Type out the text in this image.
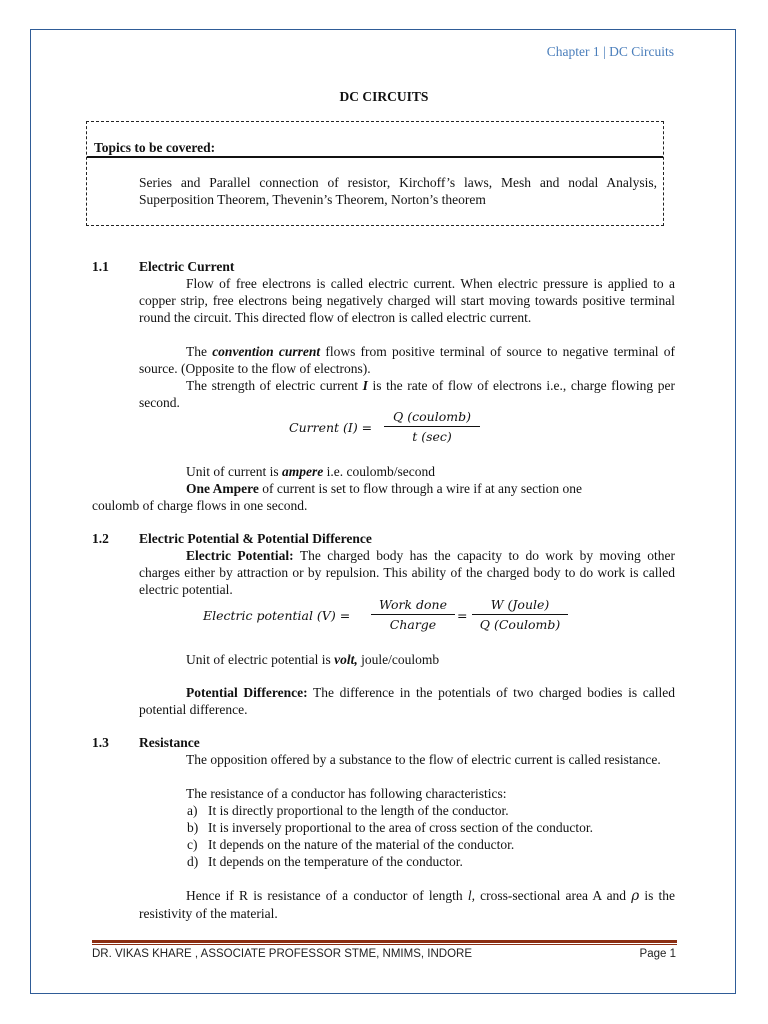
Chapter 1 | DC Circuits
DC CIRCUITS
Topics to be covered:
Series and Parallel connection of resistor, Kirchoff’s laws, Mesh and nodal Analysis, Superposition Theorem, Thevenin’s Theorem, Norton’s theorem
1.1 Electric Current
Flow of free electrons is called electric current. When electric pressure is applied to a copper strip, free electrons being negatively charged will start moving towards positive terminal round the circuit. This directed flow of electron is called electric current.
The convention current flows from positive terminal of source to negative terminal of source. (Opposite to the flow of electrons).
The strength of electric current I is the rate of flow of electrons i.e., charge flowing per second.
Current (I) =
Q (coulomb)
t (sec)
Unit of current is ampere i.e. coulomb/second
One Ampere of current is set to flow through a wire if at any section one
coulomb of charge flows in one second.
1.2 Electric Potential & Potential Difference
Electric Potential: The charged body has the capacity to do work by moving other charges either by attraction or by repulsion. This ability of the charged body to do work is called electric potential.
Electric potential (V) =
Work done
Charge
=
W (Joule)
Q (Coulomb)
Unit of electric potential is volt, joule/coulomb
Potential Difference: The difference in the potentials of two charged bodies is called potential difference.
1.3 Resistance
The opposition offered by a substance to the flow of electric current is called resistance.
The resistance of a conductor has following characteristics:
a) It is directly proportional to the length of the conductor.
b) It is inversely proportional to the area of cross section of the conductor.
c) It depends on the nature of the material of the conductor.
d) It depends on the temperature of the conductor.
Hence if R is resistance of a conductor of length l, cross-sectional area A and ρ is the resistivity of the material.
DR. VIKAS KHARE , ASSOCIATE PROFESSOR STME, NMIMS, INDORE	Page 1
